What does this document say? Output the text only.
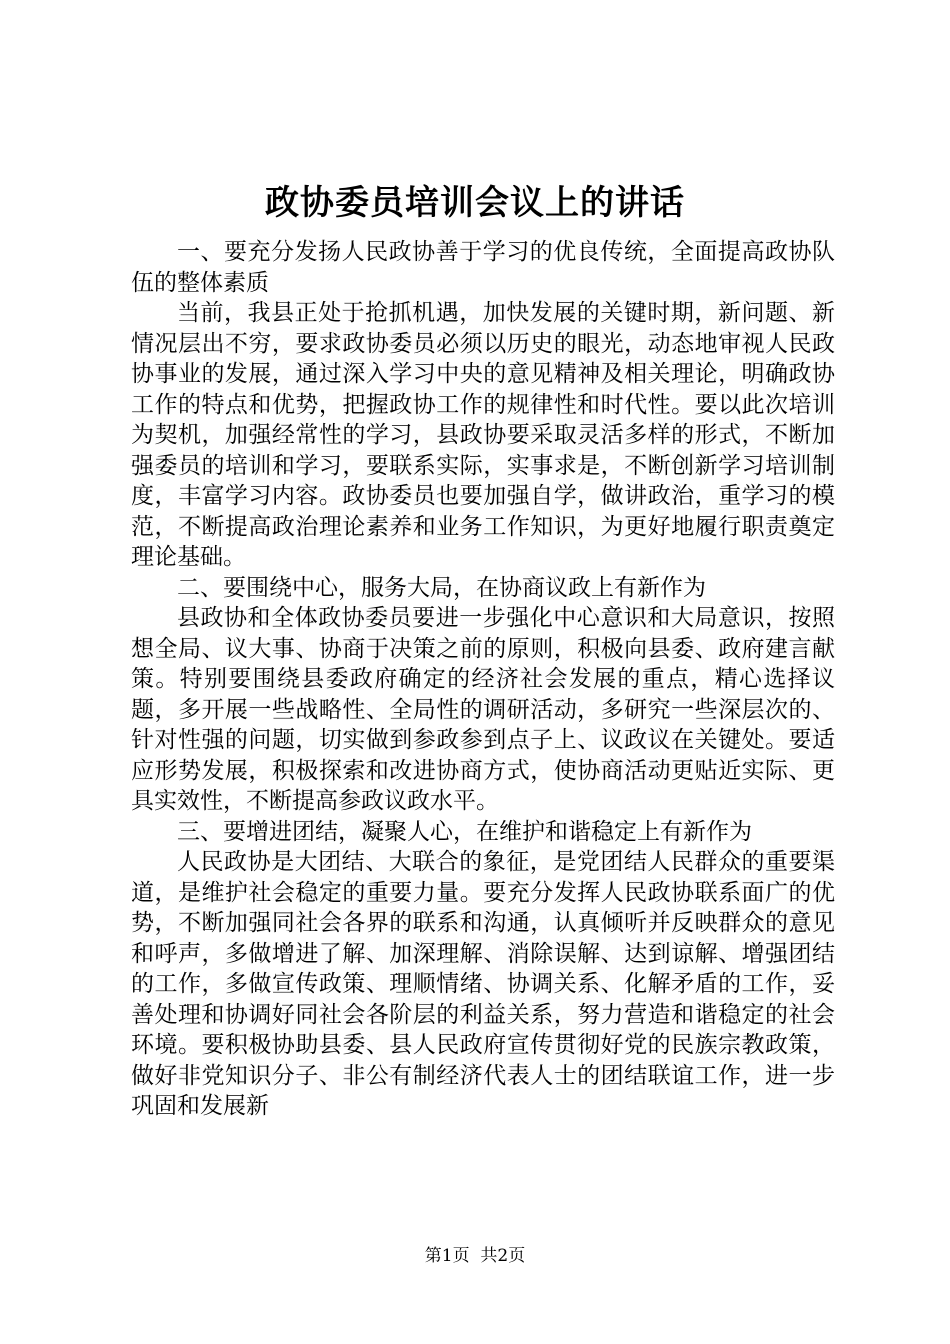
政协委员培训会议上的讲话

一、要充分发扬人民政协善于学习的优良传统，全面提高政协队伍的整体素质

当前，我县正处于抢抓机遇，加快发展的关键时期，新问题、新情况层出不穷，要求政协委员必须以历史的眼光，动态地审视人民政协事业的发展，通过深入学习中央的意见精神及相关理论，明确政协工作的特点和优势，把握政协工作的规律性和时代性。要以此次培训为契机，加强经常性的学习，县政协要采取灵活多样的形式，不断加强委员的培训和学习，要联系实际，实事求是，不断创新学习培训制度，丰富学习内容。政协委员也要加强自学，做讲政治，重学习的模范，不断提高政治理论素养和业务工作知识，为更好地履行职责奠定理论基础。

二、要围绕中心，服务大局，在协商议政上有新作为

县政协和全体政协委员要进一步强化中心意识和大局意识，按照想全局、议大事、协商于决策之前的原则，积极向县委、政府建言献策。特别要围绕县委政府确定的经济社会发展的重点，精心选择议题，多开展一些战略性、全局性的调研活动，多研究一些深层次的、针对性强的问题，切实做到参政参到点子上、议政议在关键处。要适应形势发展，积极探索和改进协商方式，使协商活动更贴近实际、更具实效性，不断提高参政议政水平。

三、要增进团结，凝聚人心，在维护和谐稳定上有新作为

人民政协是大团结、大联合的象征，是党团结人民群众的重要渠道，是维护社会稳定的重要力量。要充分发挥人民政协联系面广的优势，不断加强同社会各界的联系和沟通，认真倾听并反映群众的意见和呼声，多做增进了解、加深理解、消除误解、达到谅解、增强团结的工作，多做宣传政策、理顺情绪、协调关系、化解矛盾的工作，妥善处理和协调好同社会各阶层的利益关系，努力营造和谐稳定的社会环境。要积极协助县委、县人民政府宣传贯彻好党的民族宗教政策，做好非党知识分子、非公有制经济代表人士的团结联谊工作，进一步巩固和发展新

第1页  共2页
